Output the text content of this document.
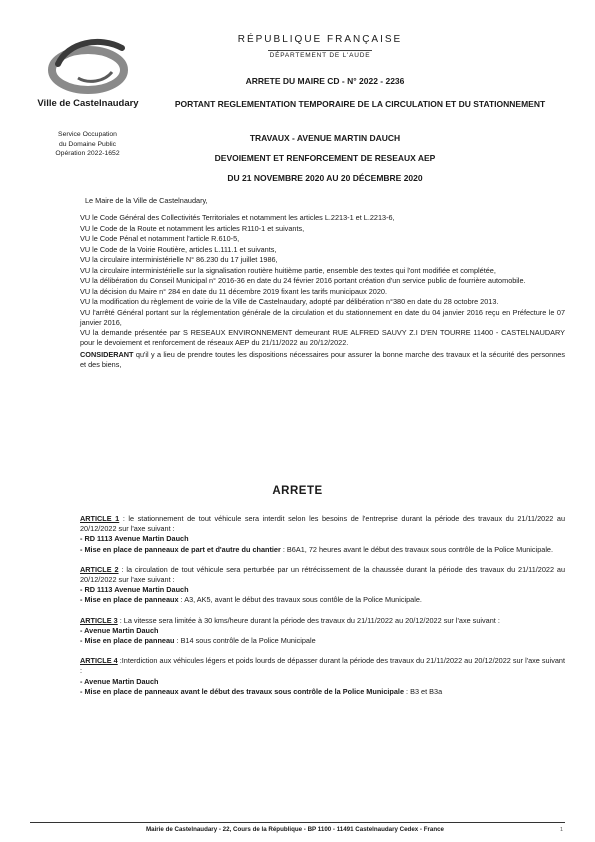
Ville de Castelnaudary
Service Occupation
du Domaine Public
Opération 2022-1652
RÉPUBLIQUE FRANÇAISE
DÉPARTEMENT DE L'AUDE
ARRETE DU MAIRE CD - N° 2022 - 2236
PORTANT REGLEMENTATION TEMPORAIRE DE LA CIRCULATION ET DU STATIONNEMENT
TRAVAUX - AVENUE MARTIN DAUCH
DEVOIEMENT ET RENFORCEMENT DE RESEAUX AEP
DU 21 NOVEMBRE 2020 AU 20 DÉCEMBRE 2020

Le Maire de la Ville de Castelnaudary,

VU le Code Général des Collectivités Territoriales et notamment les articles L.2213-1 et L.2213-6,

VU le Code de la Route et notamment les articles R110-1 et suivants,

VU le Code Pénal et notamment l'article R.610-5,

VU le Code de la Voirie Routière, articles L.111.1 et suivants,

VU la circulaire interministérielle N° 86.230 du 17 juillet 1986,

VU la circulaire interministérielle sur la signalisation routière huitième partie, ensemble des textes qui l'ont modifiée et complétée,

VU la délibération du Conseil Municipal n° 2016-36 en date du 24 février 2016 portant création d'un service public de fourrière automobile.

VU la décision du Maire n° 284 en date du 11 décembre 2019 fixant les tarifs municipaux 2020.

VU la modification du règlement de voirie de la Ville de Castelnaudary, adopté par délibération n°380 en date du 28 octobre 2013.

VU l'arrêté Général portant sur la réglementation générale de la circulation et du stationnement en date du 04 janvier 2016 reçu en Préfecture le 07 janvier 2016,

VU la demande présentée par S RESEAUX ENVIRONNEMENT demeurant RUE ALFRED SAUVY Z.I D'EN TOURRE 11400 - CASTELNAUDARY pour le devoiement et renforcement de réseaux AEP du 21/11/2022 au 20/12/2022.

CONSIDERANT qu'il y a lieu de prendre toutes les dispositions nécessaires pour assurer la bonne marche des travaux et la sécurité des personnes et des biens,

ARRETE

ARTICLE 1 : le stationnement de tout véhicule sera interdit selon les besoins de l'entreprise durant la période des travaux du 21/11/2022 au 20/12/2022 sur l'axe suivant :

- RD 1113 Avenue Martin Dauch

- Mise en place de panneaux de part et d'autre du chantier : B6A1, 72 heures avant le début des travaux sous contrôle de la Police Municipale.

ARTICLE 2 : la circulation de tout véhicule sera perturbée par un rétrécissement de la chaussée durant la période des travaux du 21/11/2022 au 20/12/2022 sur l'axe suivant :

- RD 1113 Avenue Martin Dauch

- Mise en place de panneaux : A3, AK5, avant le début des travaux sous contôle de la Police Municipale.

ARTICLE 3 : La vitesse sera limitée à 30 kms/heure durant la période des travaux du 21/11/2022 au 20/12/2022 sur l'axe suivant :

- Avenue Martin Dauch

- Mise en place de panneau : B14 sous contrôle de la Police Municipale

ARTICLE 4 :Interdiction aux véhicules légers et poids lourds de dépasser durant la période des travaux du 21/11/2022 au 20/12/2022 sur l'axe suivant :

- Avenue Martin Dauch

- Mise en place de panneaux avant le début des travaux sous contrôle de la Police Municipale : B3 et B3a

Mairie de Castelnaudary - 22, Cours de la République - BP 1100 - 11491 Castelnaudary Cedex - France	1
